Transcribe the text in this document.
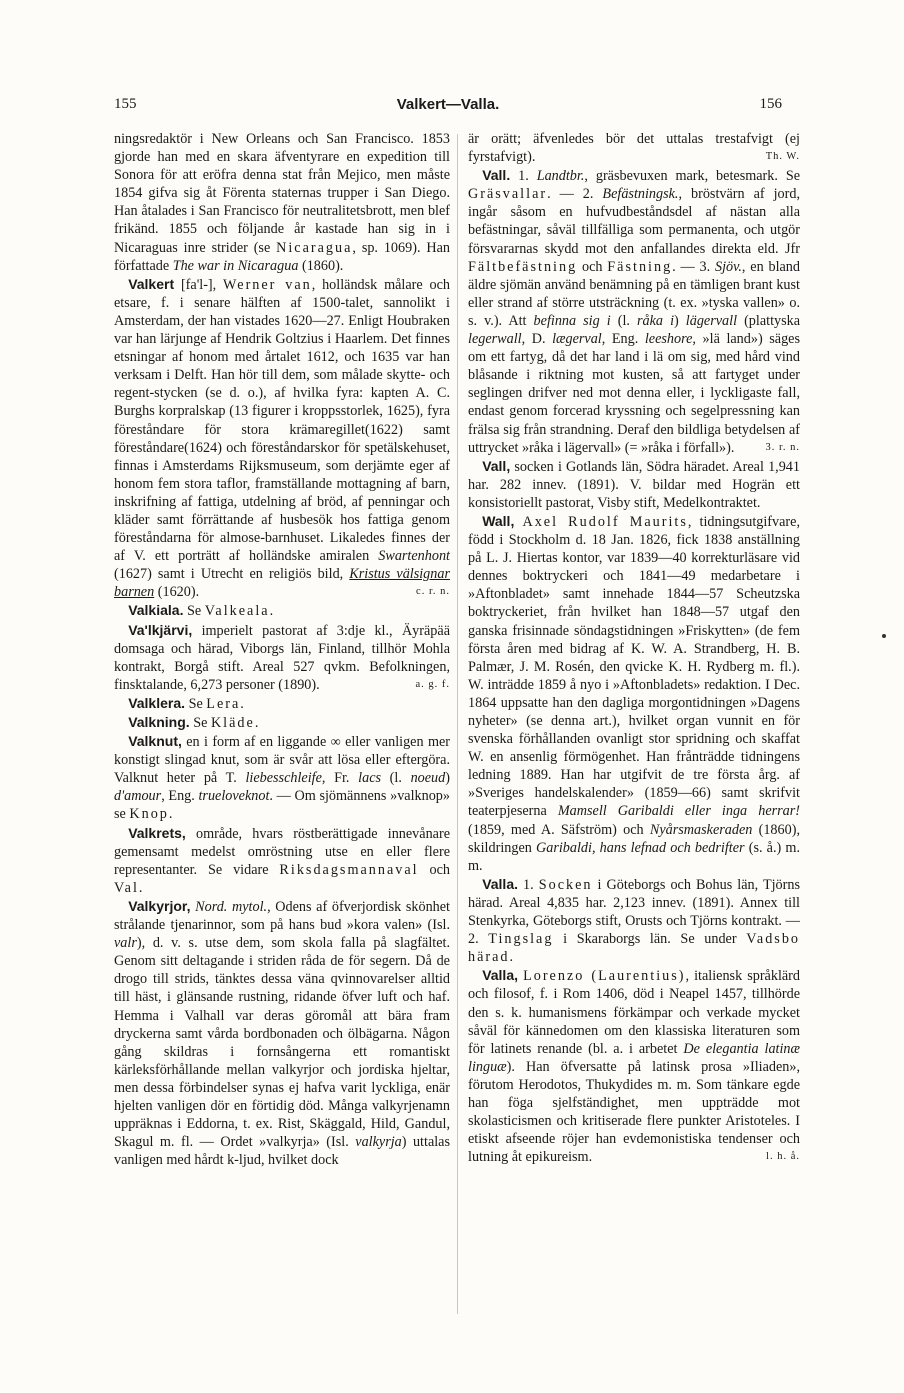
155	Valkert—Valla.	156

ningsredaktör i New Orleans och San Francisco. 1853 gjorde han med en skara äfventyrare en expedition till Sonora för att eröfra denna stat från Mejico, men måste 1854 gifva sig åt Förenta staternas trupper i San Diego. Han åtalades i San Francisco för neutralitetsbrott, men blef frikänd. 1855 och följande år kastade han sig in i Nicaraguas inre strider (se Nicaragua, sp. 1069). Han författade The war in Nicaragua (1860).

 Valkert [fa'l-], Werner van, holländsk målare och etsare, f. i senare hälften af 1500-talet, sannolikt i Amsterdam, der han vistades 1620—27. Enligt Houbraken var han lärjunge af Hendrik Goltzius i Haarlem. Det finnes etsningar af honom med årtalet 1612, och 1635 var han verksam i Delft. Han hör till dem, som målade skytte- och regent-stycken (se d. o.), af hvilka fyra: kapten A. C. Burghs korpralskap (13 figurer i kroppsstorlek, 1625), fyra föreståndare för stora krämaregillet(1622) samt föreståndare(1624) och föreståndarskor för spetälskehuset, finnas i Amsterdams Rijksmuseum, som derjämte eger af honom fem stora taflor, framställande mottagning af barn, inskrifning af fattiga, utdelning af bröd, af penningar och kläder samt förrättande af husbesök hos fattiga genom föreståndarna för almose-barnhuset. Likaledes finnes der af V. ett porträtt af holländske amiralen Swartenhont (1627) samt i Utrecht en religiös bild, Kristus välsignar barnen (1620).	c. r. n.

 Valkiala. Se Valkeala.

 Va'lkjärvi, imperielt pastorat af 3:dje kl., Äyräpää domsaga och härad, Viborgs län, Finland, tillhör Mohla kontrakt, Borgå stift. Areal 527 qvkm. Befolkningen, finsktalande, 6,273 personer (1890).	a. g. f.

 Valklera. Se Lera.

 Valkning. Se Kläde.

 Valknut, en i form af en liggande ∞ eller vanligen mer konstigt slingad knut, som är svår att lösa eller eftergöra. Valknut heter på T. liebesschleife, Fr. lacs (l. noeud) d'amour, Eng. trueloveknot. — Om sjömännens »valknop» se Knop.

 Valkrets, område, hvars röstberättigade innevånare gemensamt medelst omröstning utse en eller flere representanter. Se vidare Riksdagsmannaval och Val.

 Valkyrjor, Nord. mytol., Odens af öfverjordisk skönhet strålande tjenarinnor, som på hans bud »kora valen» (Isl. valr), d. v. s. utse dem, som skola falla på slagfältet. Genom sitt deltagande i striden råda de för segern. Då de drogo till strids, tänktes dessa väna qvinnovarelser alltid till häst, i glänsande rustning, ridande öfver luft och haf. Hemma i Valhall var deras göromål att bära fram dryckerna samt vårda bordbonaden och ölbägarna. Någon gång skildras i fornsångerna ett romantiskt kärleksförhållande mellan valkyrjor och jordiska hjeltar, men dessa förbindelser synas ej hafva varit lyckliga, enär hjelten vanligen dör en förtidig död. Många valkyrjenamn uppräknas i Eddorna, t. ex. Rist, Skäggald, Hild, Gandul, Skagul m. fl. — Ordet »valkyrja» (Isl. valkyrja) uttalas vanligen med hårdt k-ljud, hvilket dock

är orätt; äfvenledes bör det uttalas trestafvigt (ej fyrstafvigt).	Th. W.

 Vall. 1. Landtbr., gräsbevuxen mark, betesmark. Se Gräsvallar. — 2. Befästningsk., bröstvärn af jord, ingår såsom en hufvudbeståndsdel af nästan alla befästningar, såväl tillfälliga som permanenta, och utgör försvararnas skydd mot den anfallandes direkta eld. Jfr Fältbefästning och Fästning. — 3. Sjöv., en bland äldre sjömän använd benämning på en tämligen brant kust eller strand af större utsträckning (t. ex. »tyska vallen» o. s. v.). Att befinna sig i (l. råka i) lägervall (plattyska legerwall, D. lægerval, Eng. leeshore, »lä land») säges om ett fartyg, då det har land i lä om sig, med hård vind blåsande i riktning mot kusten, så att fartyget under seglingen drifver ned mot denna eller, i lyckligaste fall, endast genom forcerad kryssning och segelpressning kan frälsa sig från strandning. Deraf den bildliga betydelsen af uttrycket »råka i lägervall» (= »råka i förfall»).	3. r. n.

 Vall, socken i Gotlands län, Södra häradet. Areal 1,941 har. 282 innev. (1891). V. bildar med Hogrän ett konsistoriellt pastorat, Visby stift, Medelkontraktet.

 Wall, Axel Rudolf Maurits, tidningsutgifvare, född i Stockholm d. 18 Jan. 1826, fick 1838 anställning på L. J. Hiertas kontor, var 1839—40 korrekturläsare vid dennes boktryckeri och 1841—49 medarbetare i »Aftonbladet» samt innehade 1844—57 Scheutzska boktryckeriet, från hvilket han 1848—57 utgaf den ganska frisinnade söndagstidningen »Friskytten» (de fem första åren med bidrag af K. W. A. Strandberg, H. B. Palmær, J. M. Rosén, den qvicke K. H. Rydberg m. fl.). W. inträdde 1859 å nyo i »Aftonbladets» redaktion. I Dec. 1864 uppsatte han den dagliga morgontidningen »Dagens nyheter» (se denna art.), hvilket organ vunnit en för svenska förhållanden ovanligt stor spridning och skaffat W. en ansenlig förmögenhet. Han frånträdde tidningens ledning 1889. Han har utgifvit de tre första årg. af »Sveriges handelskalender» (1859—66) samt skrifvit teaterpjeserna Mamsell Garibaldi eller inga herrar! (1859, med A. Säfström) och Nyårsmaskeraden (1860), skildringen Garibaldi, hans lefnad och bedrifter (s. å.) m. m.

 Valla. 1. Socken i Göteborgs och Bohus län, Tjörns härad. Areal 4,835 har. 2,123 innev. (1891). Annex till Stenkyrka, Göteborgs stift, Orusts och Tjörns kontrakt. — 2. Tingslag i Skaraborgs län. Se under Vadsbo härad.

 Valla, Lorenzo (Laurentius), italiensk språklärd och filosof, f. i Rom 1406, död i Neapel 1457, tillhörde den s. k. humanismens förkämpar och verkade mycket såväl för kännedomen om den klassiska literaturen som för latinets renande (bl. a. i arbetet De elegantia latinæ linguæ). Han öfversatte på latinsk prosa »Iliaden», förutom Herodotos, Thukydides m. m. Som tänkare egde han föga sjelfständighet, men uppträdde mot skolasticismen och kritiserade flere punkter Aristoteles. I etiskt afseende röjer han evdemonistiska tendenser och lutning åt epikureism.	l. h. å.
